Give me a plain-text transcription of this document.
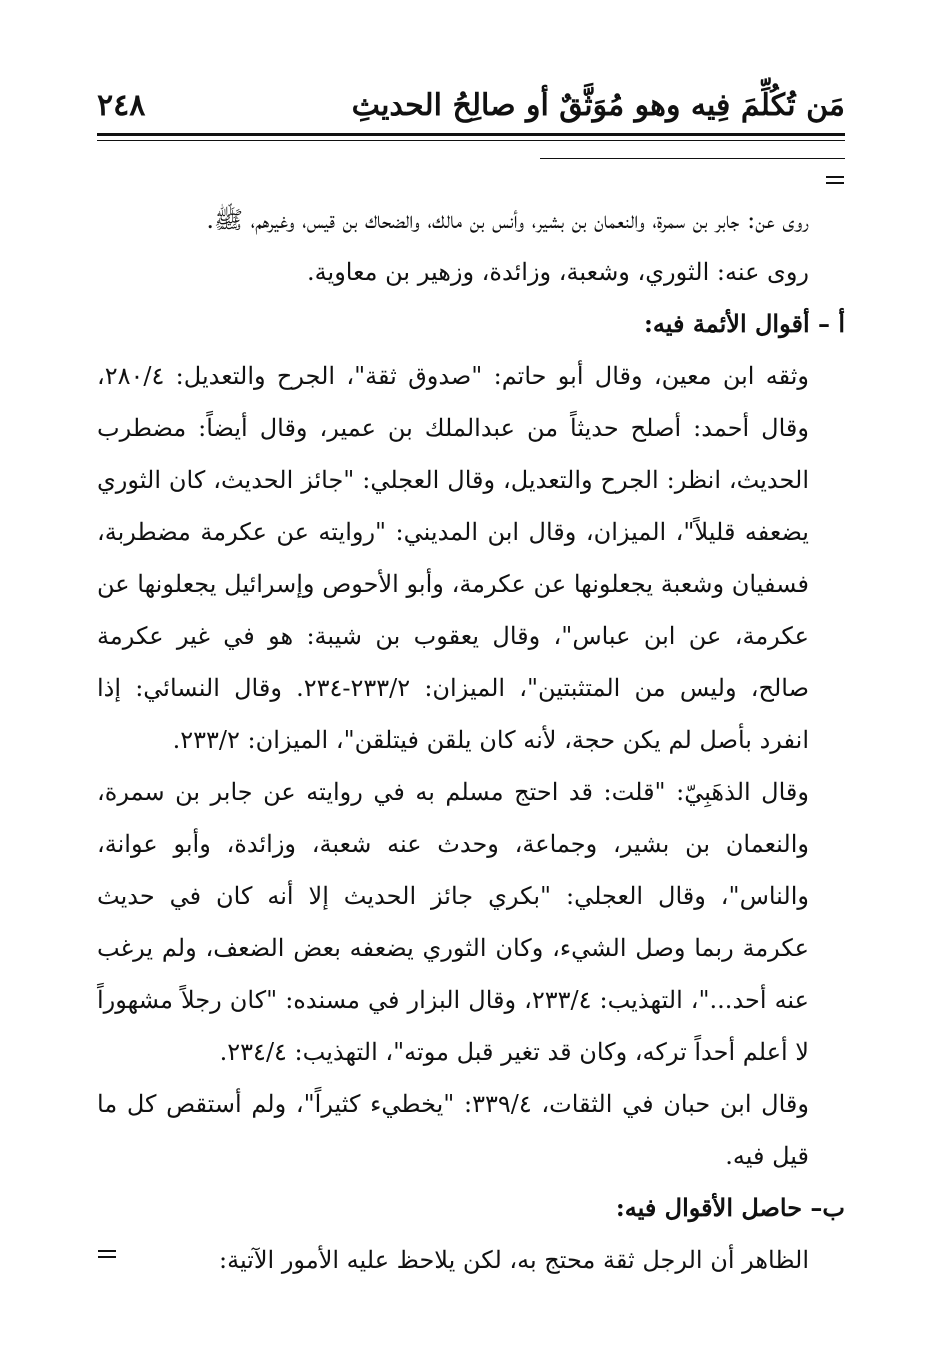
٢٤٨	مَن تُكُلِّمَ فِيه وهو مُوَثَّقٌ أو صالِحُ الحديثِ

روى عن: جابر بن سمرة، والنعمان بن بشير، وأنس بن مالك، والضحاك بن قيس، وغيرهم، ﷺ.

روى عنه: الثوري، وشعبة، وزائدة، وزهير بن معاوية.

أ – أقوال الأئمة فيه:

وثقه ابن معين، وقال أبو حاتم: "صدوق ثقة"، الجرح والتعديل: ٢٨٠/٤، وقال أحمد: أصلح حديثاً من عبدالملك بن عمير، وقال أيضاً: مضطرب الحديث، انظر: الجرح والتعديل، وقال العجلي: "جائز الحديث، كان الثوري يضعفه قليلاً"، الميزان، وقال ابن المديني: "روايته عن عكرمة مضطربة، فسفيان وشعبة يجعلونها عن عكرمة، وأبو الأحوص وإسرائيل يجعلونها عن عكرمة، عن ابن عباس"، وقال يعقوب بن شيبة: هو في غير عكرمة صالح، وليس من المتثبتين"، الميزان: ٢٣٣/٢-٢٣٤. وقال النسائي: إذا انفرد بأصل لم يكن حجة، لأنه كان يلقن فيتلقن"، الميزان: ٢٣٣/٢.

وقال الذهَبِيّ: "قلت: قد احتج مسلم به في روايته عن جابر بن سمرة، والنعمان بن بشير، وجماعة، وحدث عنه شعبة، وزائدة، وأبو عوانة، والناس"، وقال العجلي: "بكري جائز الحديث إلا أنه كان في حديث عكرمة ربما وصل الشيء، وكان الثوري يضعفه بعض الضعف، ولم يرغب عنه أحد..."، التهذيب: ٢٣٣/٤، وقال البزار في مسنده: "كان رجلاً مشهوراً لا أعلم أحداً تركه، وكان قد تغير قبل موته"، التهذيب: ٢٣٤/٤.

وقال ابن حبان في الثقات، ٣٣٩/٤: "يخطيء كثيراً"، ولم أستقص كل ما قيل فيه.

ب– حاصل الأقوال فيه:

الظاهر أن الرجل ثقة محتج به، لكن يلاحظ عليه الأمور الآتية:
